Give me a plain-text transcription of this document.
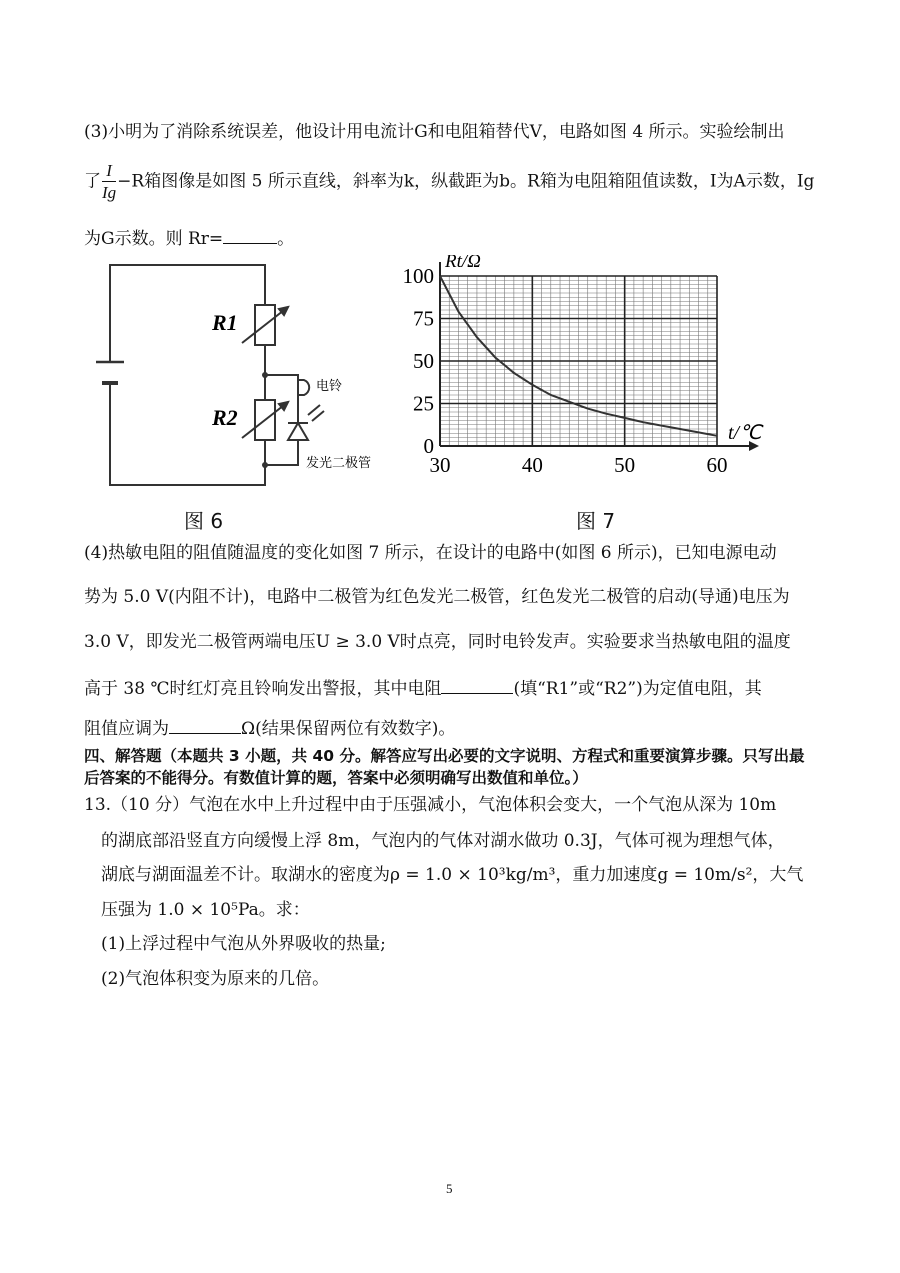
(3)小明为了消除系统误差，他设计用电流计G和电阻箱替代V，电路如图 4 所示。实验绘制出
了 $\frac{I}{Ig} -R$箱图像是如图 5 所示直线，斜率为k，纵截距为b。R箱为电阻箱阻值读数，I为A示数，Ig
为G示数。则 Rr=	。
R1
R2
电铃
发光二极管
图 6
30	40	50	60
0
25
50
75
100
Rt/Ω
t/℃
图 7
(4)热敏电阻的阻值随温度的变化如图 7 所示，在设计的电路中(如图 6 所示)，已知电源电动
势为 5.0 V(内阻不计)，电路中二极管为红色发光二极管，红色发光二极管的启动(导通)电压为
3.0 V，即发光二极管两端电压U ≥ 3.0 V时点亮，同时电铃发声。实验要求当热敏电阻的温度
高于 38 ℃时红灯亮且铃响发出警报，其中电阻	(填“R1”或“R2”)为定值电阻，其
阻值应调为	Ω(结果保留两位有效数字)。
四、解答题（本题共 3 小题，共 40 分。解答应写出必要的文字说明、方程式和重要演算步骤。只写出最
后答案的不能得分。有数值计算的题，答案中必须明确写出数值和单位。）
13.（10 分）气泡在水中上升过程中由于压强减小，气泡体积会变大，一个气泡从深为 10m
的湖底部沿竖直方向缓慢上浮 8m，气泡内的气体对湖水做功 0.3J，气体可视为理想气体，
湖底与湖面温差不计。取湖水的密度为ρ = 1.0 × 10³kg/m³，重力加速度g = 10m/s²，大气
压强为 1.0 × 10⁵Pa。求：
(1)上浮过程中气泡从外界吸收的热量;
(2)气泡体积变为原来的几倍。
5
